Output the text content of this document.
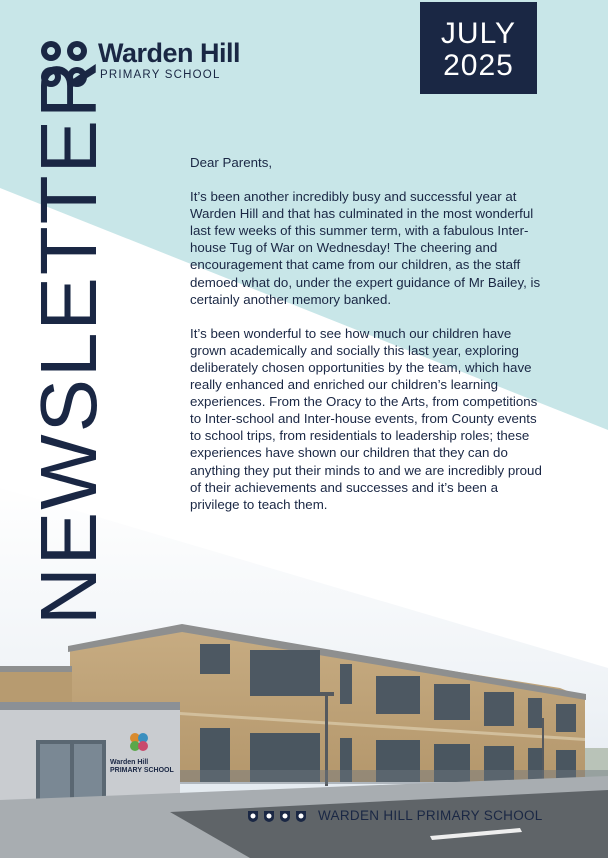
Warden Hill
PRIMARY SCHOOL
JULY
2025
NEWSLETTER	Dear Parents,

It’s been another incredibly busy and successful year at Warden Hill and that has culminated in the most wonderful last few weeks of this summer term, with a fabulous Inter-house Tug of War on Wednesday! The cheering and encouragement that came from our children, as the staff demoed what do, under the expert guidance of Mr Bailey, is certainly another memory banked.

It’s been wonderful to see how much our children have grown academically and socially this last year, exploring deliberately chosen opportunities by the team, which have really enhanced and enriched our children’s learning experiences. From the Oracy to the Arts, from competitions to Inter-school and Inter-house events, from County events to school trips, from residentials to leadership roles; these experiences have shown our children that they can do anything they put their minds to and we are incredibly proud of their achievements and successes and it’s been a privilege to teach them.

Warden Hill
PRIMARY SCHOOL
WARDEN HILL PRIMARY SCHOOL
